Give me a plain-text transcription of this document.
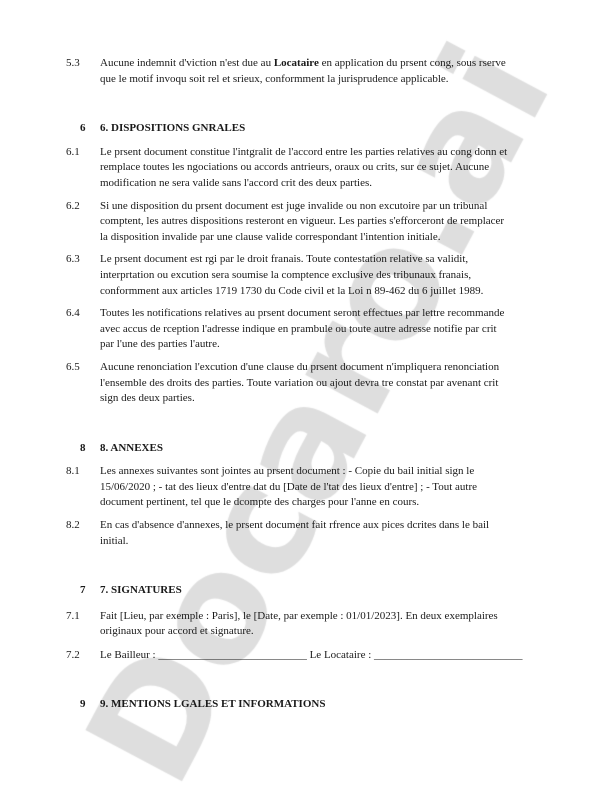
5.3	Aucune indemnit d'viction n'est due au Locataire en application du prsent cong, sous rserve
que le motif invoqu soit rel et srieux, conformment la jurisprudence applicable.
6	6. DISPOSITIONS GNRALES
6.1	Le prsent document constitue l'intgralit de l'accord entre les parties relatives au cong donn et
remplace toutes les ngociations ou accords antrieurs, oraux ou crits, sur ce sujet. Aucune
modification ne sera valide sans l'accord crit des deux parties.
6.2	Si une disposition du prsent document est juge invalide ou non excutoire par un tribunal
comptent, les autres dispositions resteront en vigueur. Les parties s'efforceront de remplacer
la disposition invalide par une clause valide correspondant l'intention initiale.
6.3	Le prsent document est rgi par le droit franais. Toute contestation relative sa validit,
interprtation ou excution sera soumise la comptence exclusive des tribunaux franais,
conformment aux articles 1719 1730 du Code civil et la Loi n 89-462 du 6 juillet 1989.
6.4	Toutes les notifications relatives au prsent document seront effectues par lettre recommande
avec accus de rception l'adresse indique en prambule ou toute autre adresse notifie par crit
par l'une des parties l'autre.
6.5	Aucune renonciation l'excution d'une clause du prsent document n'impliquera renonciation
l'ensemble des droits des parties. Toute variation ou ajout devra tre constat par avenant crit
sign des deux parties.
8	8. ANNEXES
8.1	Les annexes suivantes sont jointes au prsent document : - Copie du bail initial sign le
15/06/2020 ; - tat des lieux d'entre dat du [Date de l'tat des lieux d'entre] ; - Tout autre
document pertinent, tel que le dcompte des charges pour l'anne en cours.
8.2	En cas d'absence d'annexes, le prsent document fait rfrence aux pices dcrites dans le bail
initial.
7	7. SIGNATURES
7.1	Fait [Lieu, par exemple : Paris], le [Date, par exemple : 01/01/2023]. En deux exemplaires
originaux pour accord et signature.
7.2	Le Bailleur : ___________________________ Le Locataire : ___________________________
9	9. MENTIONS LGALES ET INFORMATIONS
